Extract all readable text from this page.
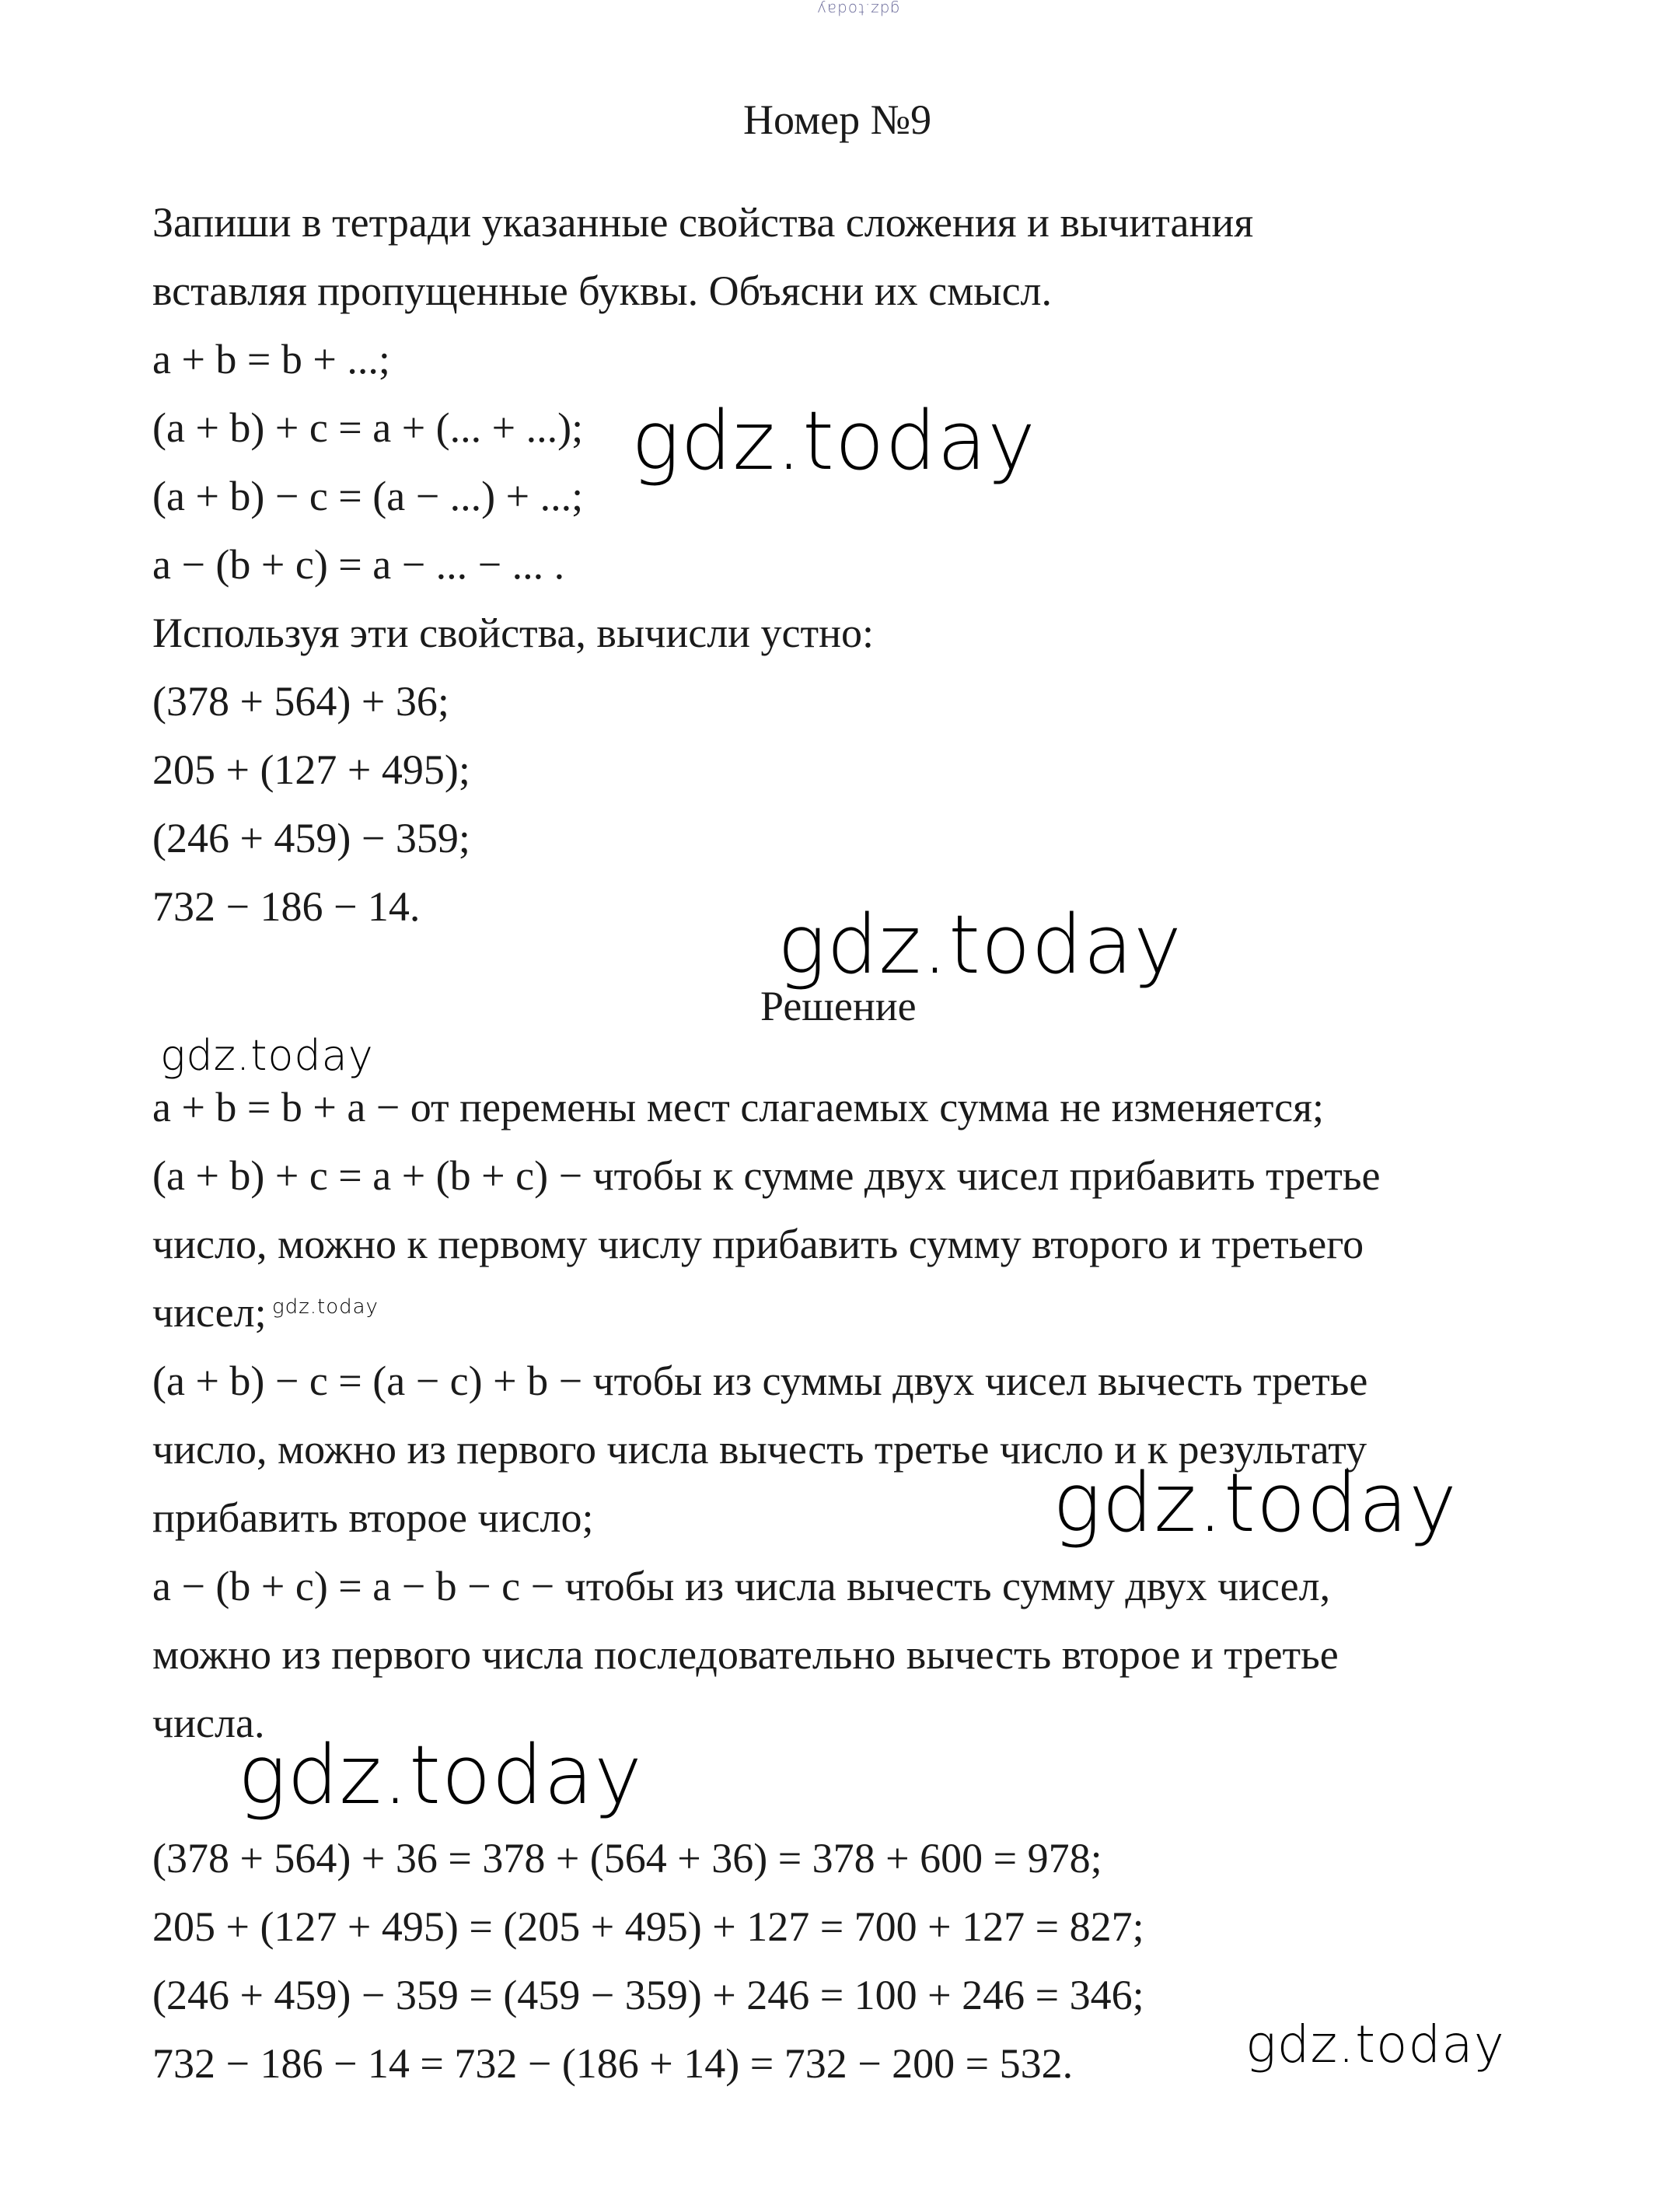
gdz.today
Номер №9
Запиши в тетради указанные свойства сложения и вычитания
вставляя пропущенные буквы. Объясни их смысл.
a + b = b + ...;
(a + b) + c = a + (... + ...);
(a + b) − c = (a − ...) + ...;
a − (b + c) = a − ... − ... .
Используя эти свойства, вычисли устно:
(378 + 564) + 36;
205 + (127 + 495);
(246 + 459) − 359;
732 − 186 − 14.
Решение
a + b = b + a − от перемены мест слагаемых сумма не изменяется;
(a + b) + c = a + (b + c) − чтобы к сумме двух чисел прибавить третье
число, можно к первому числу прибавить сумму второго и третьего
чисел;
(a + b) − c = (a − c) + b − чтобы из суммы двух чисел вычесть третье
число, можно из первого числа вычесть третье число и к результату
прибавить второе число;
a − (b + c) = a − b − c − чтобы из числа вычесть сумму двух чисел,
можно из первого числа последовательно вычесть второе и третье
числа.
(378 + 564) + 36 = 378 + (564 + 36) = 378 + 600 = 978;
205 + (127 + 495) = (205 + 495) + 127 = 700 + 127 = 827;
(246 + 459) − 359 = (459 − 359) + 246 = 100 + 246 = 346;
732 − 186 − 14 = 732 − (186 + 14) = 732 − 200 = 532.
gdz.today
gdz.today
gdz.today
gdz.today
gdz.today
gdz.today
gdz.today
